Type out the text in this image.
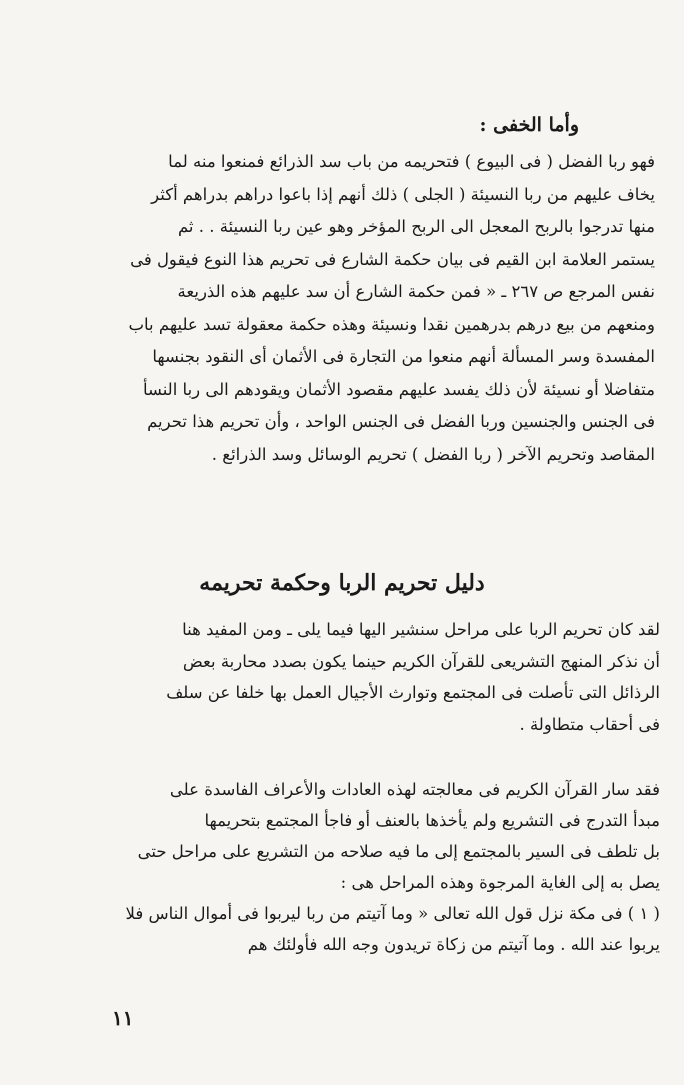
وأما الخفى :
فهو ربا الفضل ( فى البيوع ) فتحريمه من باب سد الذرائع فمنعوا منه لما
يخاف عليهم من ربا النسيئة ( الجلى ) ذلك أنهم إذا باعوا دراهم بدراهم أكثر
منها تدرجوا بالربح المعجل الى الربح المؤخر وهو عين ربا النسيئة . . ثم
يستمر العلامة ابن القيم فى بيان حكمة الشارع فى تحريم هذا النوع فيقول فى
نفس المرجع ص ٢٦٧ ـ « فمن حكمة الشارع أن سد عليهم هذه الذريعة
ومنعهم من بيع درهم بدرهمين نقدا ونسيئة وهذه حكمة معقولة تسد عليهم باب
المفسدة وسر المسألة أنهم منعوا من التجارة فى الأثمان أى النقود بجنسها
متفاضلا أو نسيئة لأن ذلك يفسد عليهم مقصود الأثمان ويقودهم الى ربا النسأ
فى الجنس والجنسين وربا الفضل فى الجنس الواحد ، وأن تحريم هذا تحريم
المقاصد وتحريم الآخر ( ربا الفضل ) تحريم الوسائل وسد الذرائع .
دليل تحريم الربا وحكمة تحريمه
لقد كان تحريم الربا على مراحل سنشير اليها فيما يلى ـ ومن المفيد هنا
أن نذكر المنهج التشريعى للقرآن الكريم حينما يكون بصدد محاربة بعض
الرذائل التى تأصلت فى المجتمع وتوارث الأجيال العمل بها خلفا عن سلف
فى أحقاب متطاولة .
فقد سار القرآن الكريم فى معالجته لهذه العادات والأعراف الفاسدة على
مبدأ التدرج فى التشريع ولم يأخذها بالعنف أو فاجأ المجتمع بتحريمها
بل تلطف فى السير بالمجتمع إلى ما فيه صلاحه من التشريع على مراحل حتى
يصل به إلى الغاية المرجوة وهذه المراحل هى :
( ١ ) فى مكة نزل قول الله تعالى « وما آتيتم من ربا ليربوا فى أموال الناس فلا
يربوا عند الله . وما آتيتم من زكاة تريدون وجه الله فأولئك هم
١١
